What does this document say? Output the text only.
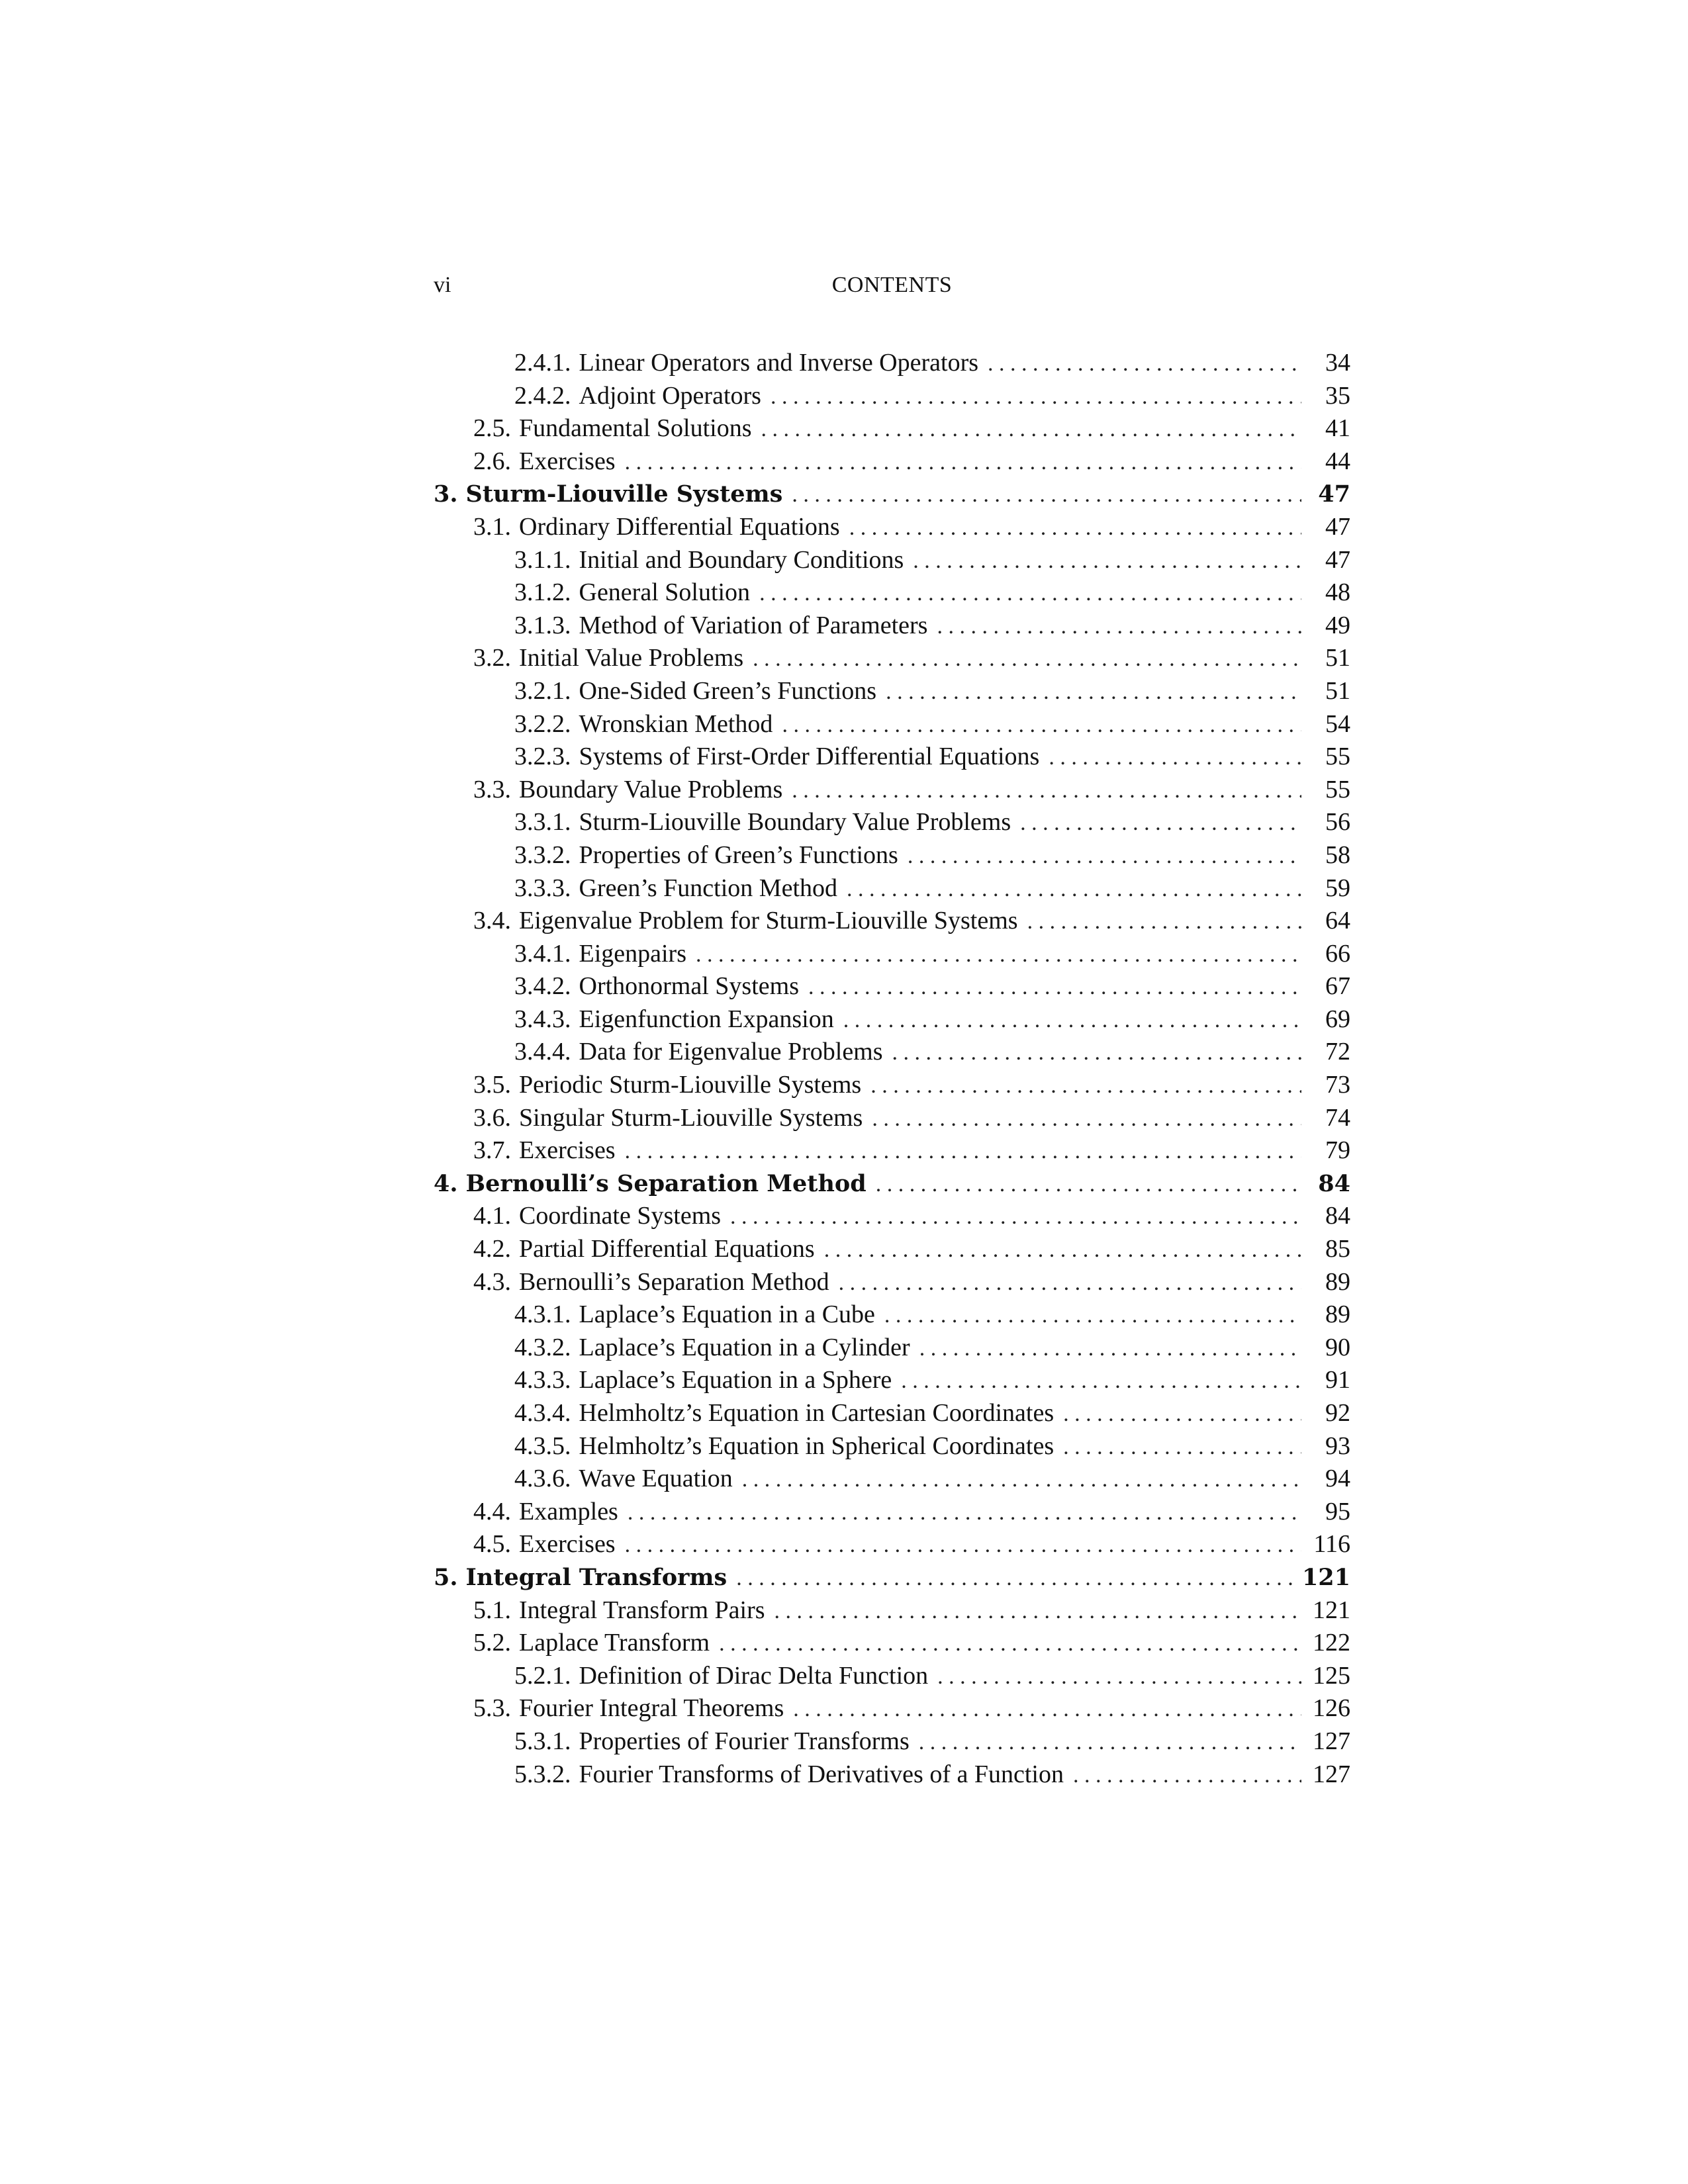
vi	CONTENTS
2.4.1. Linear Operators and Inverse Operators . . .	34
2.4.2. Adjoint Operators . . .	35
2.5. Fundamental Solutions . . .	41
2.6. Exercises . . .	44
3. Sturm-Liouville Systems . . .	47
3.1. Ordinary Differential Equations . . .	47
3.1.1. Initial and Boundary Conditions . . .	47
3.1.2. General Solution . . .	48
3.1.3. Method of Variation of Parameters . . .	49
3.2. Initial Value Problems . . .	51
3.2.1. One-Sided Green’s Functions . . .	51
3.2.2. Wronskian Method . . .	54
3.2.3. Systems of First-Order Differential Equations . . .	55
3.3. Boundary Value Problems . . .	55
3.3.1. Sturm-Liouville Boundary Value Problems . . .	56
3.3.2. Properties of Green’s Functions . . .	58
3.3.3. Green’s Function Method . . .	59
3.4. Eigenvalue Problem for Sturm-Liouville Systems . . .	64
3.4.1. Eigenpairs . . .	66
3.4.2. Orthonormal Systems . . .	67
3.4.3. Eigenfunction Expansion . . .	69
3.4.4. Data for Eigenvalue Problems . . .	72
3.5. Periodic Sturm-Liouville Systems . . .	73
3.6. Singular Sturm-Liouville Systems . . .	74
3.7. Exercises . . .	79
4. Bernoulli’s Separation Method . . .	84
4.1. Coordinate Systems . . .	84
4.2. Partial Differential Equations . . .	85
4.3. Bernoulli’s Separation Method . . .	89
4.3.1. Laplace’s Equation in a Cube . . .	89
4.3.2. Laplace’s Equation in a Cylinder . . .	90
4.3.3. Laplace’s Equation in a Sphere . . .	91
4.3.4. Helmholtz’s Equation in Cartesian Coordinates . . .	92
4.3.5. Helmholtz’s Equation in Spherical Coordinates . . .	93
4.3.6. Wave Equation . . .	94
4.4. Examples . . .	95
4.5. Exercises . . .	116
5. Integral Transforms . . .	121
5.1. Integral Transform Pairs . . .	121
5.2. Laplace Transform . . .	122
5.2.1. Definition of Dirac Delta Function . . .	125
5.3. Fourier Integral Theorems . . .	126
5.3.1. Properties of Fourier Transforms . . .	127
5.3.2. Fourier Transforms of Derivatives of a Function . . .	127
